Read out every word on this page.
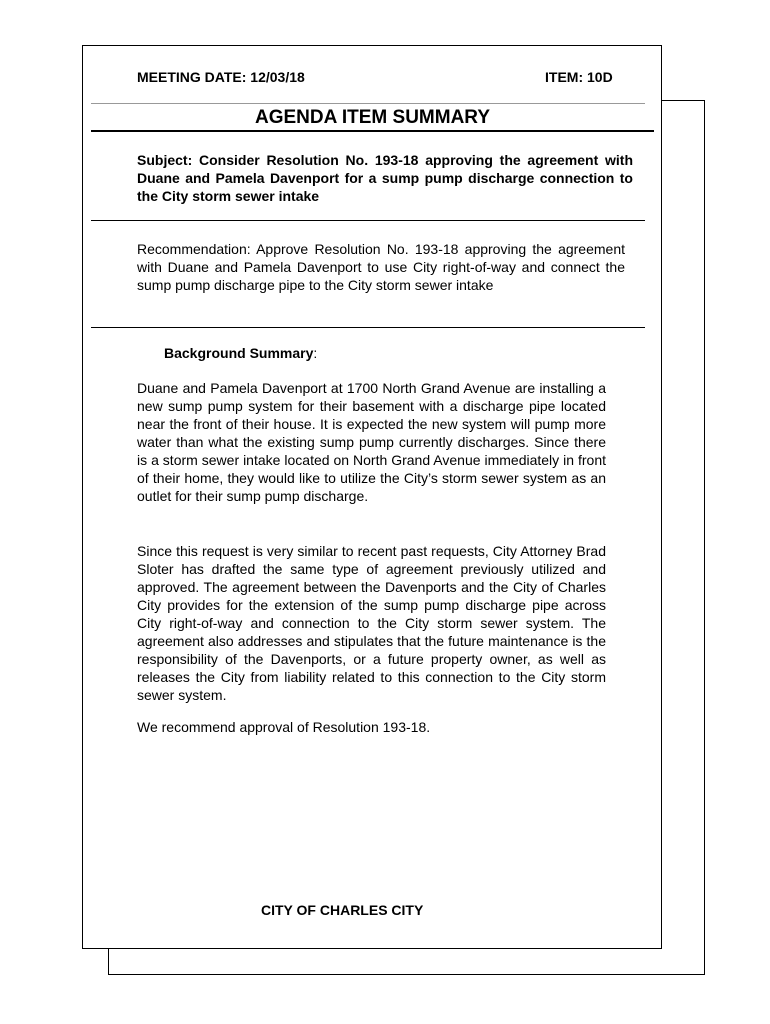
MEETING DATE: 12/03/18	ITEM: 10D
AGENDA ITEM SUMMARY
Subject: Consider Resolution No. 193-18 approving the agreement with Duane and Pamela Davenport for a sump pump discharge connection to the City storm sewer intake
Recommendation: Approve Resolution No. 193-18 approving the agreement with Duane and Pamela Davenport to use City right-of-way and connect the sump pump discharge pipe to the City storm sewer intake
Background Summary:
Duane and Pamela Davenport at 1700 North Grand Avenue are installing a new sump pump system for their basement with a discharge pipe located near the front of their house. It is expected the new system will pump more water than what the existing sump pump currently discharges. Since there is a storm sewer intake located on North Grand Avenue immediately in front of their home, they would like to utilize the City’s storm sewer system as an outlet for their sump pump discharge.
Since this request is very similar to recent past requests, City Attorney Brad Sloter has drafted the same type of agreement previously utilized and approved. The agreement between the Davenports and the City of Charles City provides for the extension of the sump pump discharge pipe across City right-of-way and connection to the City storm sewer system. The agreement also addresses and stipulates that the future maintenance is the responsibility of the Davenports, or a future property owner, as well as releases the City from liability related to this connection to the City storm sewer system.
We recommend approval of Resolution 193-18.
CITY OF CHARLES CITY
